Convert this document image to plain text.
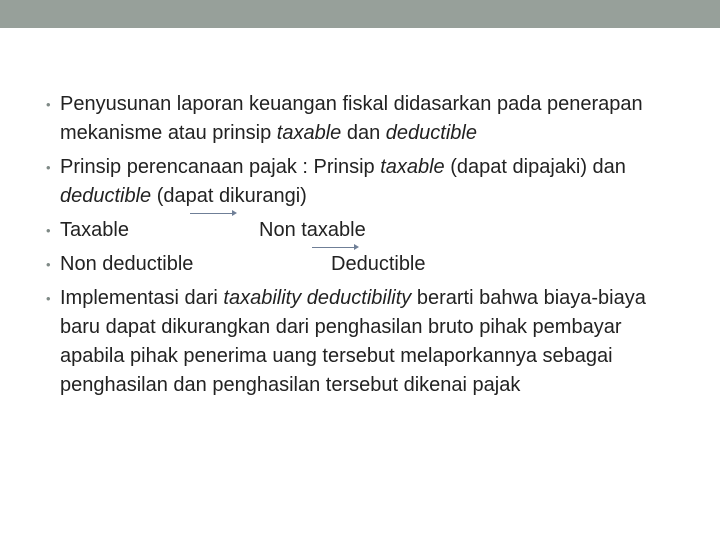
• Penyusunan laporan keuangan fiskal didasarkan pada penerapan mekanisme atau prinsip taxable dan deductible
• Prinsip perencanaan pajak : Prinsip taxable (dapat dipajaki) dan deductible (dapat dikurangi)
• Taxable	Non taxable
• Non deductible	Deductible
• Implementasi dari taxability deductibility berarti bahwa biaya-biaya baru dapat dikurangkan dari penghasilan bruto pihak pembayar apabila pihak penerima uang tersebut melaporkannya sebagai penghasilan dan penghasilan tersebut dikenai pajak
